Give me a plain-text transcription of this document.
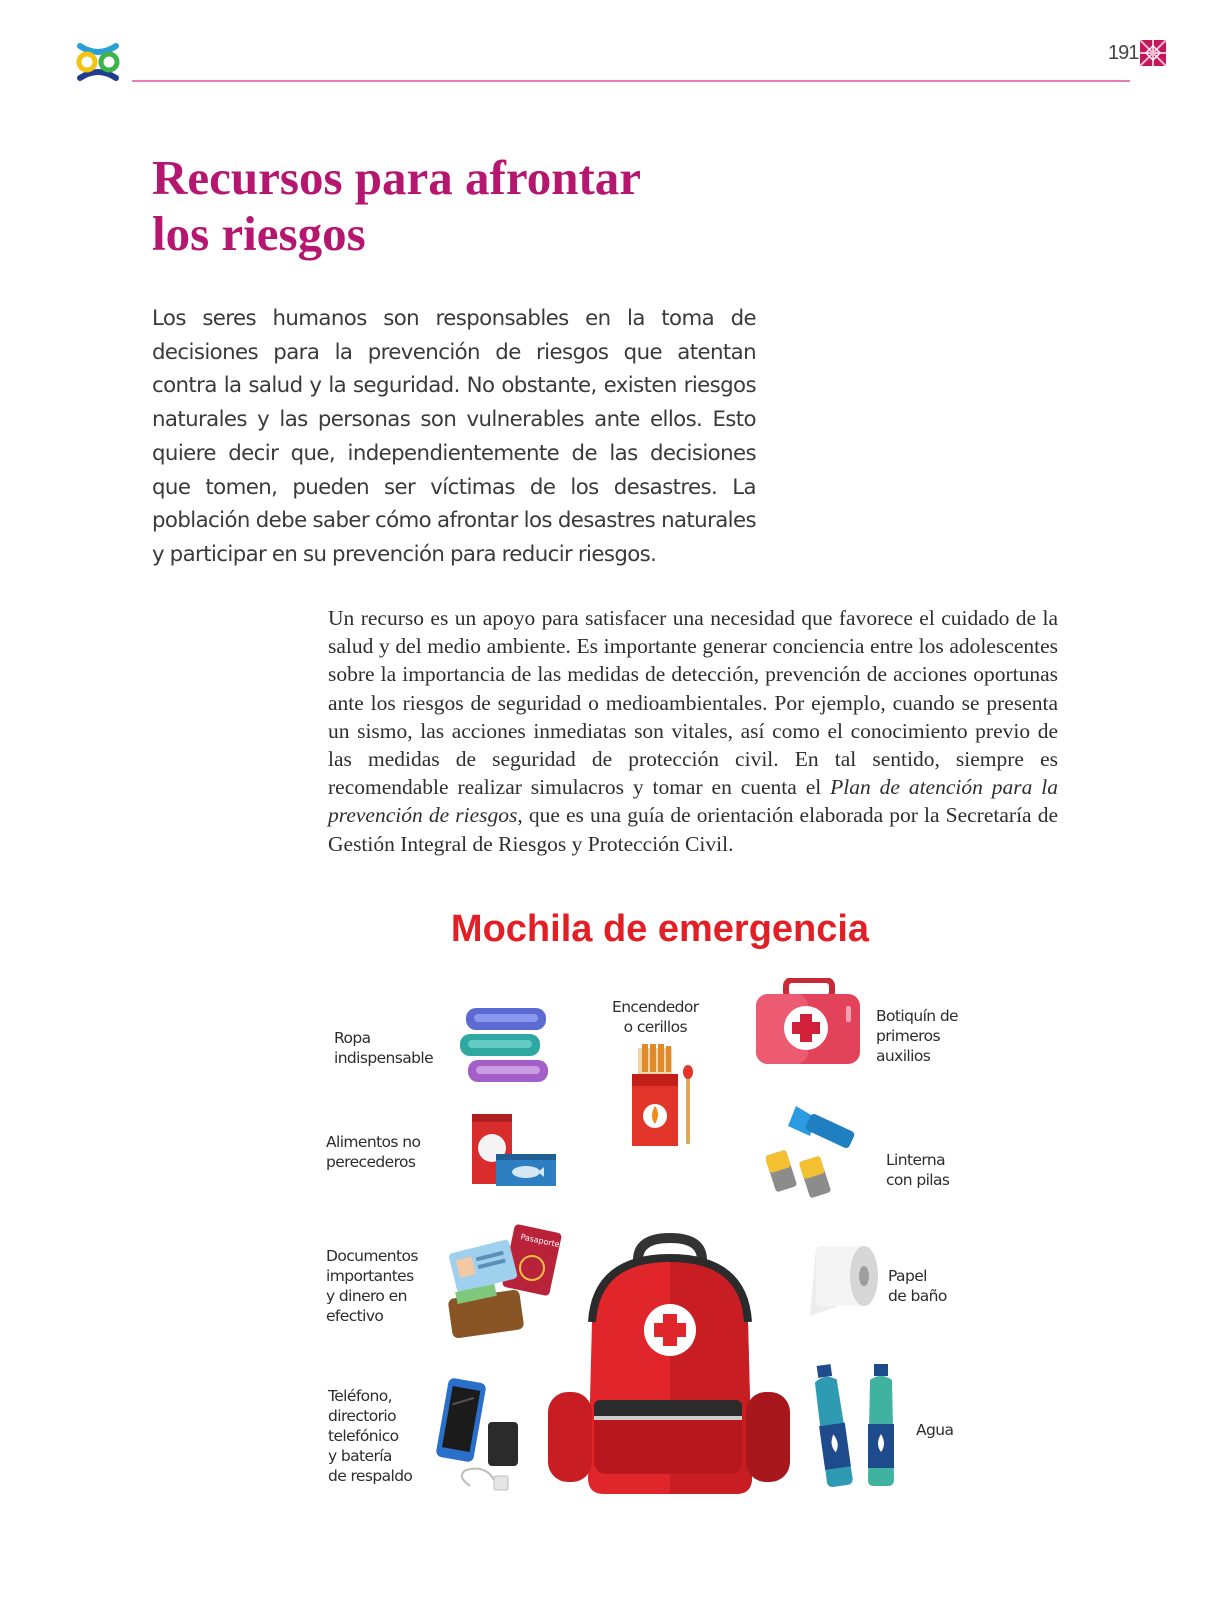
191
Recursos para afrontar
los riesgos

Los seres humanos son responsables en la toma de decisiones para la prevención de riesgos que atentan contra la salud y la seguridad. No obstante, existen riesgos naturales y las personas son vulnerables ante ellos. Esto quiere decir que, independientemente de las decisiones que tomen, pueden ser víctimas de los desastres. La población debe saber cómo afrontar los desastres naturales y participar en su prevención para reducir riesgos.

Un recurso es un apoyo para satisfacer una necesidad que favorece el cuidado de la salud y del medio ambiente. Es importante generar conciencia entre los adolescentes sobre la importancia de las medidas de detección, prevención de acciones oportunas ante los riesgos de seguridad o medioambientales. Por ejemplo, cuando se presenta un sismo, las acciones inmediatas son vitales, así como el conocimiento previo de las medidas de seguridad de protección civil. En tal sentido, siempre es recomendable realizar simulacros y tomar en cuenta el Plan de atención para la prevención de riesgos, que es una guía de orientación elaborada por la Secretaría de Gestión Integral de Riesgos y Protección Civil.

Mochila de emergencia
Ropa
indispensable
Encendedor
o cerillos
Botiquín de
primeros
auxilios
Alimentos no
perecederos	Linterna
con pilas
Documentos
importantes
y dinero en
efectivo
Papel
de baño
Teléfono,
directorio
telefónico
y batería
de respaldo
Agua
Pasaporte
